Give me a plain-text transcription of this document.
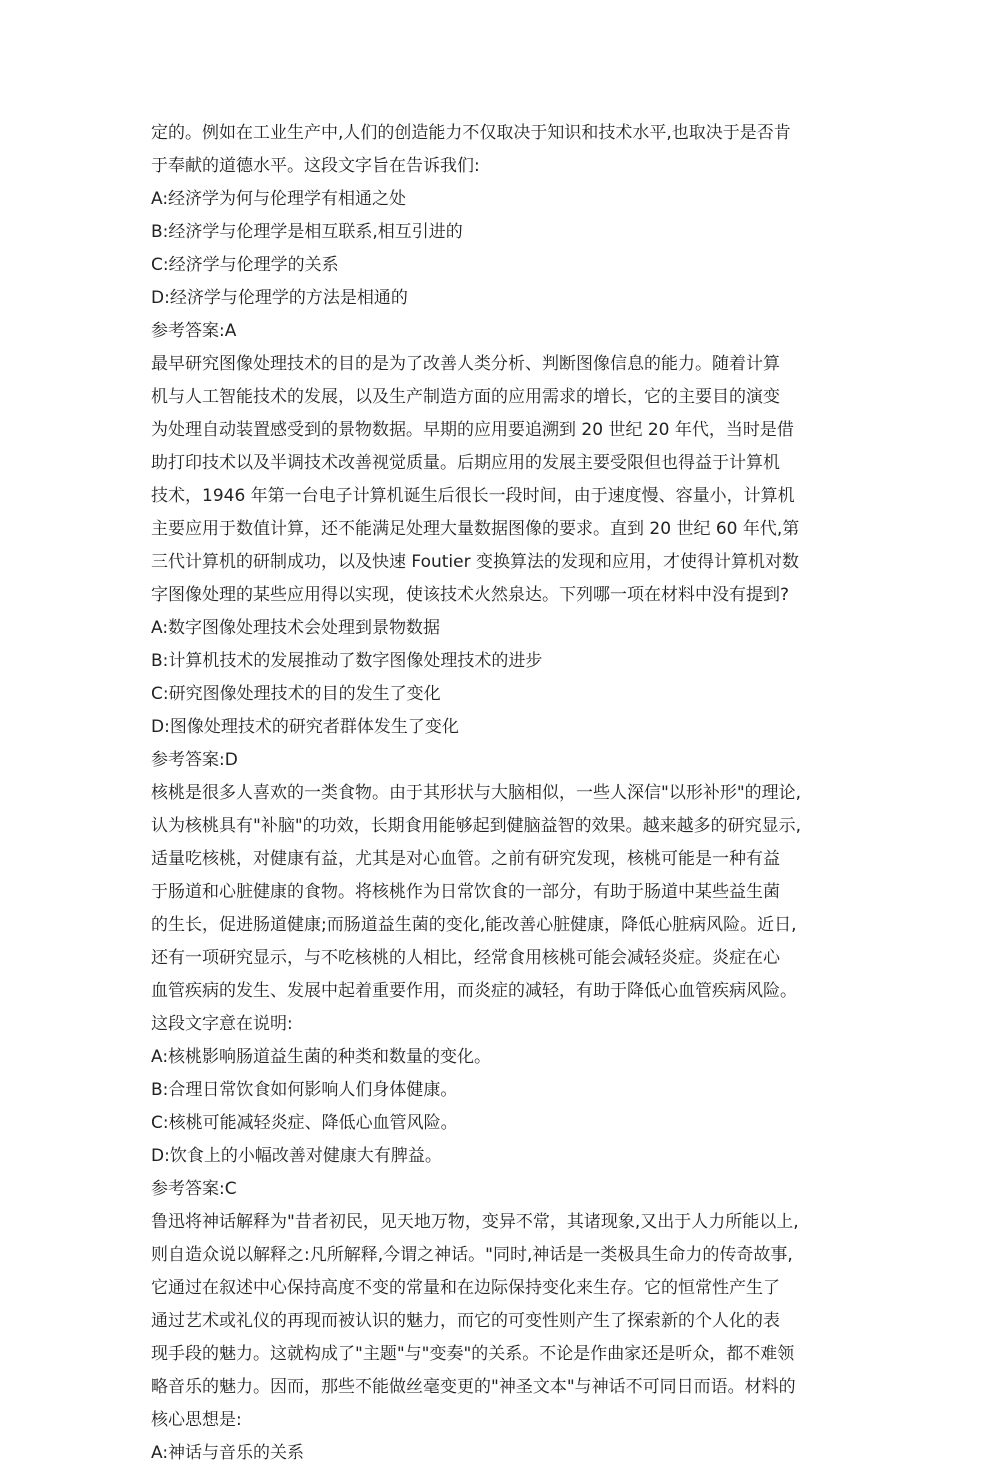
定的。例如在工业生产中,人们的创造能力不仅取决于知识和技术水平,也取决于是否肯
于奉献的道德水平。这段文字旨在告诉我们:
A:经济学为何与伦理学有相通之处
B:经济学与伦理学是相互联系,相互引进的
C:经济学与伦理学的关系
D:经济学与伦理学的方法是相通的
参考答案:A
最早研究图像处理技术的目的是为了改善人类分析、判断图像信息的能力。随着计算
机与人工智能技术的发展，以及生产制造方面的应用需求的增长，它的主要目的演变
为处理自动装置感受到的景物数据。早期的应用要追溯到 20 世纪 20 年代，当时是借
助打印技术以及半调技术改善视觉质量。后期应用的发展主要受限但也得益于计算机
技术，1946 年第一台电子计算机诞生后很长一段时间，由于速度慢、容量小，计算机
主要应用于数值计算，还不能满足处理大量数据图像的要求。直到 20 世纪 60 年代,第
三代计算机的研制成功，以及快速 Foutier 变换算法的发现和应用，才使得计算机对数
字图像处理的某些应用得以实现，使该技术火然泉达。下列哪一项在材料中没有提到?
A:数字图像处理技术会处理到景物数据
B:计算机技术的发展推动了数字图像处理技术的进步
C:研究图像处理技术的目的发生了变化
D:图像处理技术的研究者群体发生了变化
参考答案:D
核桃是很多人喜欢的一类食物。由于其形状与大脑相似，一些人深信"以形补形"的理论,
认为核桃具有"补脑"的功效，长期食用能够起到健脑益智的效果。越来越多的研究显示,
适量吃核桃，对健康有益，尤其是对心血管。之前有研究发现，核桃可能是一种有益
于肠道和心脏健康的食物。将核桃作为日常饮食的一部分，有助于肠道中某些益生菌
的生长，促进肠道健康;而肠道益生菌的变化,能改善心脏健康，降低心脏病风险。近日,
还有一项研究显示，与不吃核桃的人相比，经常食用核桃可能会减轻炎症。炎症在心
血管疾病的发生、发展中起着重要作用，而炎症的减轻，有助于降低心血管疾病风险。
这段文字意在说明:
A:核桃影响肠道益生菌的种类和数量的变化。
B:合理日常饮食如何影响人们身体健康。
C:核桃可能减轻炎症、降低心血管风险。
D:饮食上的小幅改善对健康大有脾益。
参考答案:C
鲁迅将神话解释为"昔者初民，见天地万物，变异不常，其诸现象,又出于人力所能以上,
则自造众说以解释之:凡所解释,今谓之神话。"同时,神话是一类极具生命力的传奇故事,
它通过在叙述中心保持高度不变的常量和在边际保持变化来生存。它的恒常性产生了
通过艺术或礼仪的再现而被认识的魅力，而它的可变性则产生了探索新的个人化的表
现手段的魅力。这就构成了"主题"与"变奏"的关系。不论是作曲家还是听众，都不难领
略音乐的魅力。因而，那些不能做丝毫变更的"神圣文本"与神话不可同日而语。材料的
核心思想是:
A:神话与音乐的关系
